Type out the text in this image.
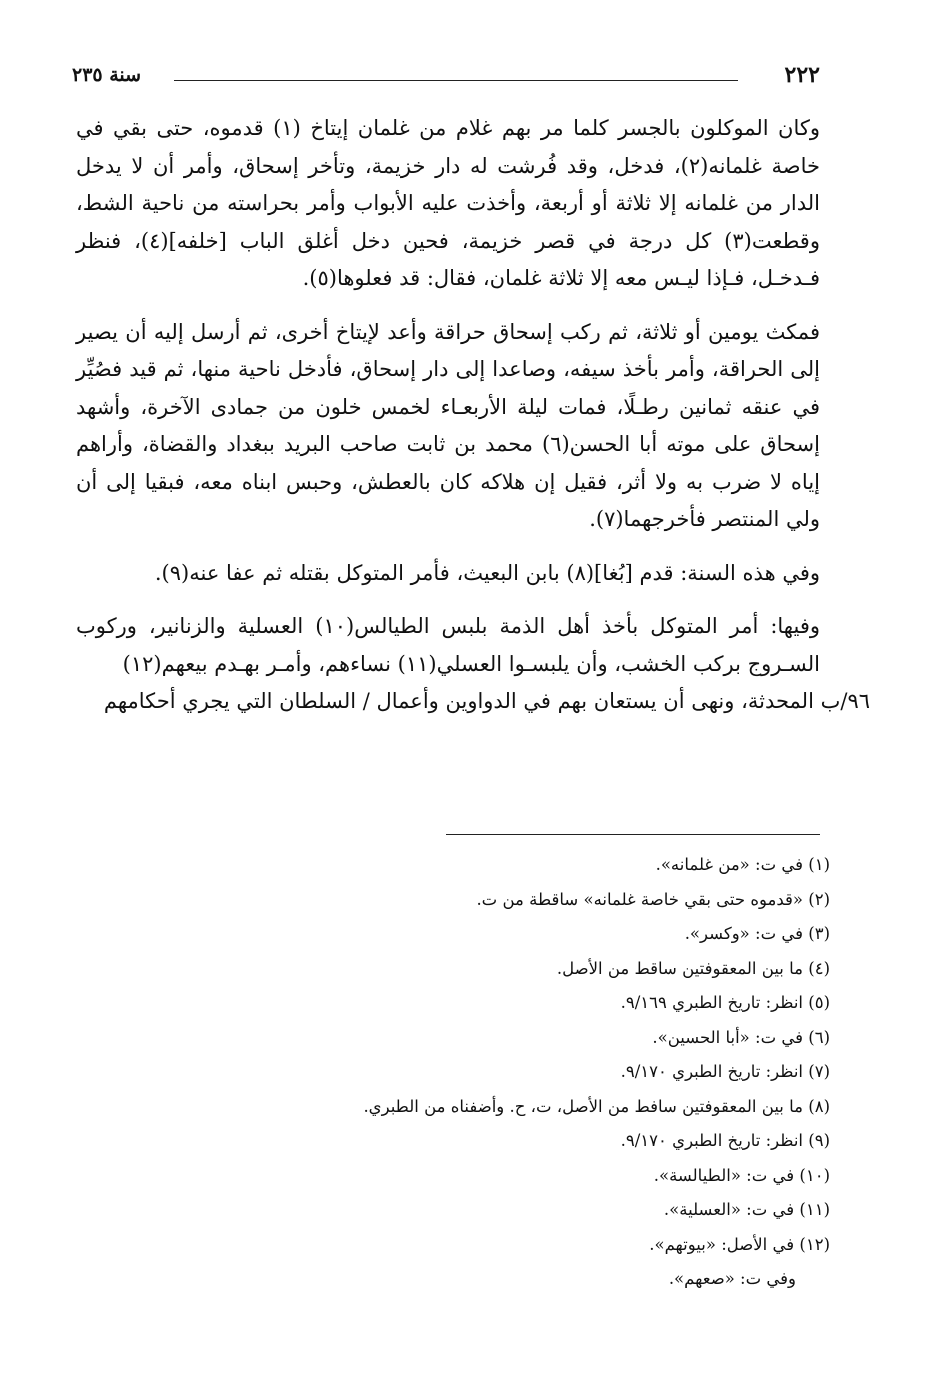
٢٢٢
سنة ٢٣٥

وكان الموكلون بالجسر كلما مر بهم غلام من غلمان إيتاخ (١) قدموه، حتى بقي في خاصة غلمانه(٢)، فدخل، وقد فُرشت له دار خزيمة، وتأخر إسحاق، وأمر أن لا يدخل الدار من غلمانه إلا ثلاثة أو أربعة، وأخذت عليه الأبواب وأمر بحراسته من ناحية الشط، وقطعت(٣) كل درجة في قصر خزيمة، فحين دخل أغلق الباب [خلفه](٤)، فنظر فـدخـل، فـإذا ليـس معه إلا ثلاثة غلمان، فقال: قد فعلوها(٥).

فمكث يومين أو ثلاثة، ثم ركب إسحاق حراقة وأعد لإيتاخ أخرى، ثم أرسل إليه أن يصير إلى الحراقة، وأمر بأخذ سيفه، وصاعدا إلى دار إسحاق، فأدخل ناحية منها، ثم قيد فصُيِّر في عنقه ثمانين رطـلًا، فمات ليلة الأربعـاء لخمس خلون من جمادى الآخرة، وأشهد إسحاق على موته أبا الحسن(٦) محمد بن ثابت صاحب البريد ببغداد والقضاة، وأراهم إياه لا ضرب به ولا أثر، فقيل إن هلاكه كان بالعطش، وحبس ابناه معه، فبقيا إلى أن ولي المنتصر فأخرجهما(٧).

وفي هذه السنة: قدم [بُغا](٨) بابن البعيث، فأمر المتوكل بقتله ثم عفا عنه(٩).

وفيها: أمر المتوكل بأخذ أهل الذمة بلبس الطيالس(١٠) العسلية والزنانير، وركوب السـروج بركب الخشب، وأن يلبسـوا العسلي(١١) نساءهم، وأمـر بهـدم بيعهم(١٢)

٩٦/ب المحدثة، ونهى أن يستعان بهم في الدواوين وأعمال / السلطان التي يجري أحكامهم

(١) في ت: «من غلمانه».
(٢) «قدموه حتى بقي خاصة غلمانه» ساقطة من ت.
(٣) في ت: «وكسر».
(٤) ما بين المعقوفتين ساقط من الأصل.
(٥) انظر: تاريخ الطبري ٩/١٦٩.
(٦) في ت: «أبا الحسين».
(٧) انظر: تاريخ الطبري ٩/١٧٠.
(٨) ما بين المعقوفتين سافط من الأصل، ت، ح. وأضفناه من الطبري.
(٩) انظر: تاريخ الطبري ٩/١٧٠.
(١٠) في ت: «الطيالسة».
(١١) في ت: «العسلية».
(١٢) في الأصل: «بيوتهم».
وفي ت: «صعهم».
